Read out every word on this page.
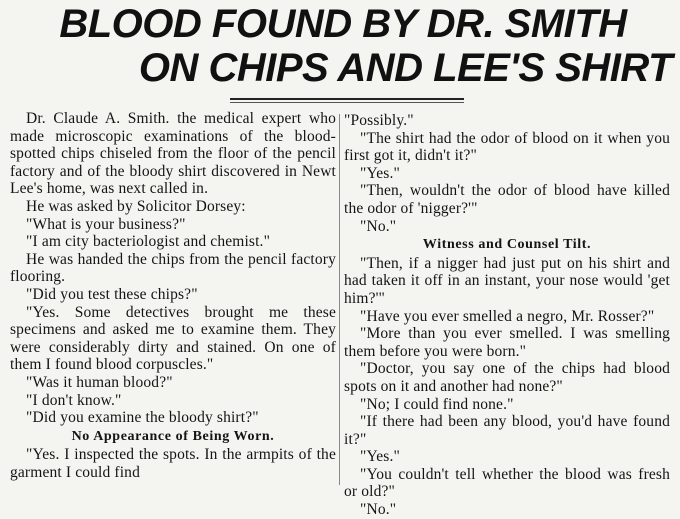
BLOOD FOUND BY DR. SMITH
ON CHIPS AND LEE'S SHIRT

Dr. Claude A. Smith. the medical expert who made microscopic examinations of the blood-spotted chips chiseled from the floor of the pencil factory and of the bloody shirt discovered in Newt Lee's home, was next called in.

He was asked by Solicitor Dorsey:

"What is your business?"

"I am city bacteriologist and chemist."

He was handed the chips from the pencil factory flooring.

"Did you test these chips?"

"Yes. Some detectives brought me these specimens and asked me to examine them. They were considerably dirty and stained. On one of them I found blood corpuscles."

"Was it human blood?"

"I don't know."

"Did you examine the bloody shirt?"

No Appearance of Being Worn.

"Yes. I inspected the spots. In the armpits of the garment I could find

"Possibly."

"The shirt had the odor of blood on it when you first got it, didn't it?"

"Yes."

"Then, wouldn't the odor of blood have killed the odor of 'nigger?'"

"No."

Witness and Counsel Tilt.

"Then, if a nigger had just put on his shirt and had taken it off in an instant, your nose would 'get him?'"

"Have you ever smelled a negro, Mr. Rosser?"

"More than you ever smelled. I was smelling them before you were born."

"Doctor, you say one of the chips had blood spots on it and another had none?"

"No; I could find none."

"If there had been any blood, you'd have found it?"

"Yes."

"You couldn't tell whether the blood was fresh or old?"

"No."
